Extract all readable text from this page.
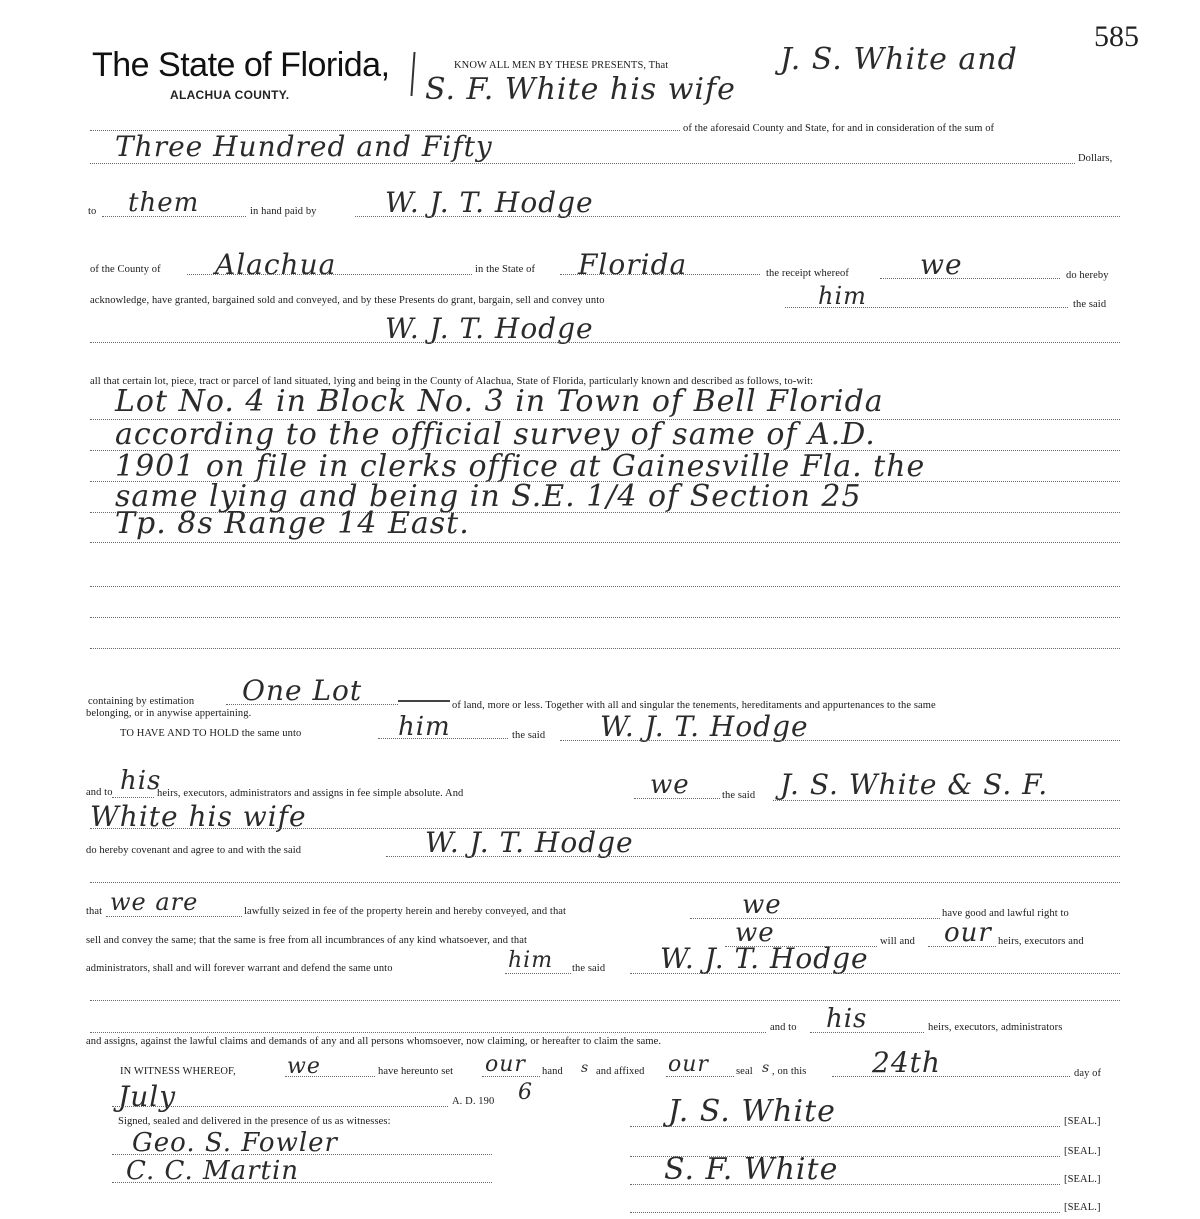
585
The State of Florida,
ALACHUA COUNTY.
KNOW ALL MEN BY THESE PRESENTS, That	J. S. White and
S. F. White his wife
of the aforesaid County and State, for and in consideration of the sum of
Three Hundred and Fifty	Dollars,
to them	in hand paid by W. J. T. Hodge
of the County of Alachua	in the State of Florida	the receipt whereof	we	do hereby
acknowledge, have granted, bargained sold and conveyed, and by these Presents do grant, bargain, sell and convey unto	him	the said
W. J. T. Hodge
all that certain lot, piece, tract or parcel of land situated, lying and being in the County of Alachua, State of Florida, particularly known and described as follows, to-wit:
Lot No. 4 in Block No. 3 in Town of Bell Florida
according to the official survey of same of A.D.
1901 on file in clerks office at Gainesville Fla. the
same lying and being in S.E. 1/4 of Section 25
Tp. 8s Range 14 East.
containing by estimation One Lot	of land, more or less. Together with all and singular the tenements, hereditaments and appurtenances to the same
belonging, or in anywise appertaining.
TO HAVE AND TO HOLD the same unto	him	the said W. J. T. Hodge
and to his
heirs, executors, administrators and assigns in fee simple absolute. And	we	the said J. S. White & S. F.
White his wife
do hereby covenant and agree to and with the said	W. J. T. Hodge
that we are	lawfully seized in fee of the property herein and hereby conveyed, and that	we	have good and lawful right to
sell and convey the same; that the same is free from all incumbrances of any kind whatsoever, and that	we	will and our heirs, executors and
administrators, shall and will forever warrant and defend the same unto	him the said W. J. T. Hodge
and to his	heirs, executors, administrators
and assigns, against the lawful claims and demands of any and all persons whomsoever, now claiming, or hereafter to claim the same.
IN WITNESS WHEREOF, we	have hereunto set our hand s and affixed our	seal s , on this 24th	day of
July	A. D. 190 6
Signed, sealed and delivered in the presence of us as witnesses:
Geo. S. Fowler
C. C. Martin
J. S. White	[SEAL.]
[SEAL.]
S. F. White	[SEAL.]
[SEAL.]
